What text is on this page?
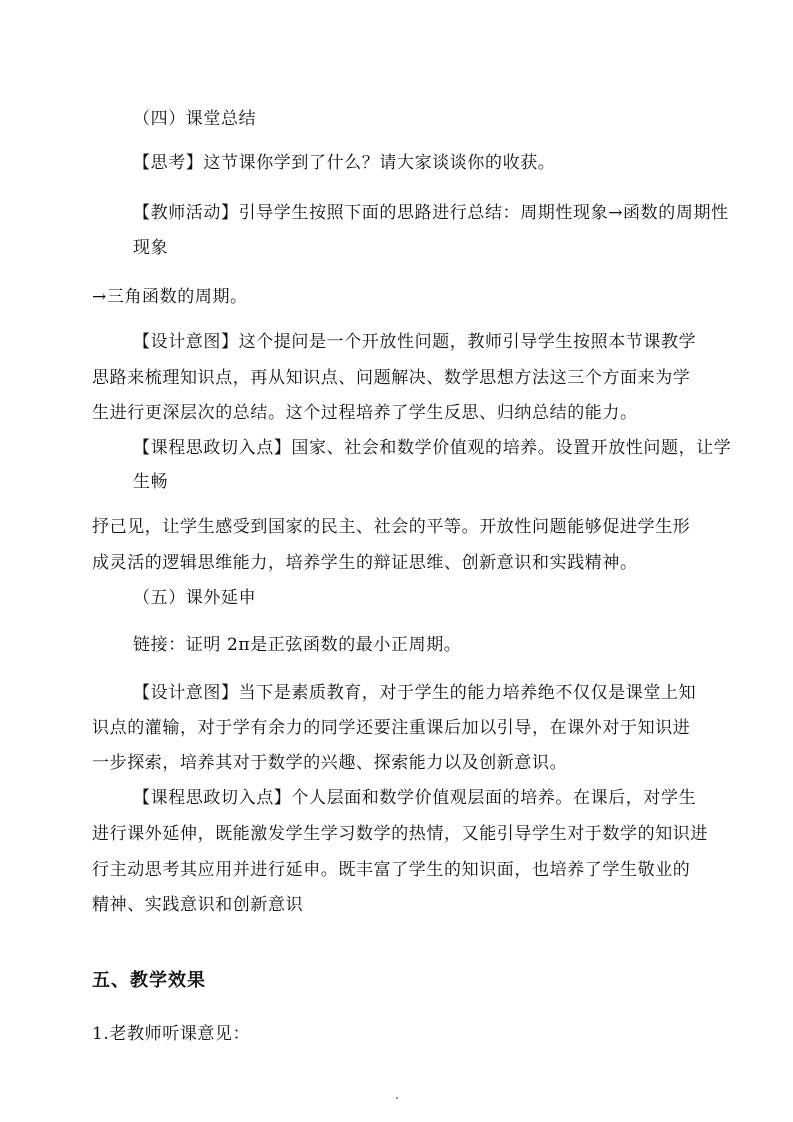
（四）课堂总结
【思考】这节课你学到了什么？请大家谈谈你的收获。
【教师活动】引导学生按照下面的思路进行总结：周期性现象→函数的周期性
现象
→三角函数的周期。
【设计意图】这个提问是一个开放性问题，教师引导学生按照本节课教学
思路来梳理知识点，再从知识点、问题解决、数学思想方法这三个方面来为学
生进行更深层次的总结。这个过程培养了学生反思、归纳总结的能力。
【课程思政切入点】国家、社会和数学价值观的培养。设置开放性问题，让学
生畅
抒己见，让学生感受到国家的民主、社会的平等。开放性问题能够促进学生形
成灵活的逻辑思维能力，培养学生的辩证思维、创新意识和实践精神。
（五）课外延申
链接：证明 2π是正弦函数的最小正周期。
【设计意图】当下是素质教育，对于学生的能力培养绝不仅仅是课堂上知
识点的灌输，对于学有余力的同学还要注重课后加以引导，在课外对于知识进
一步探索，培养其对于数学的兴趣、探索能力以及创新意识。
【课程思政切入点】个人层面和数学价值观层面的培养。在课后，对学生
进行课外延伸，既能激发学生学习数学的热情，又能引导学生对于数学的知识进
行主动思考其应用并进行延申。既丰富了学生的知识面，也培养了学生敬业的
精神、实践意识和创新意识
五、教学效果
1.老教师听课意见：
